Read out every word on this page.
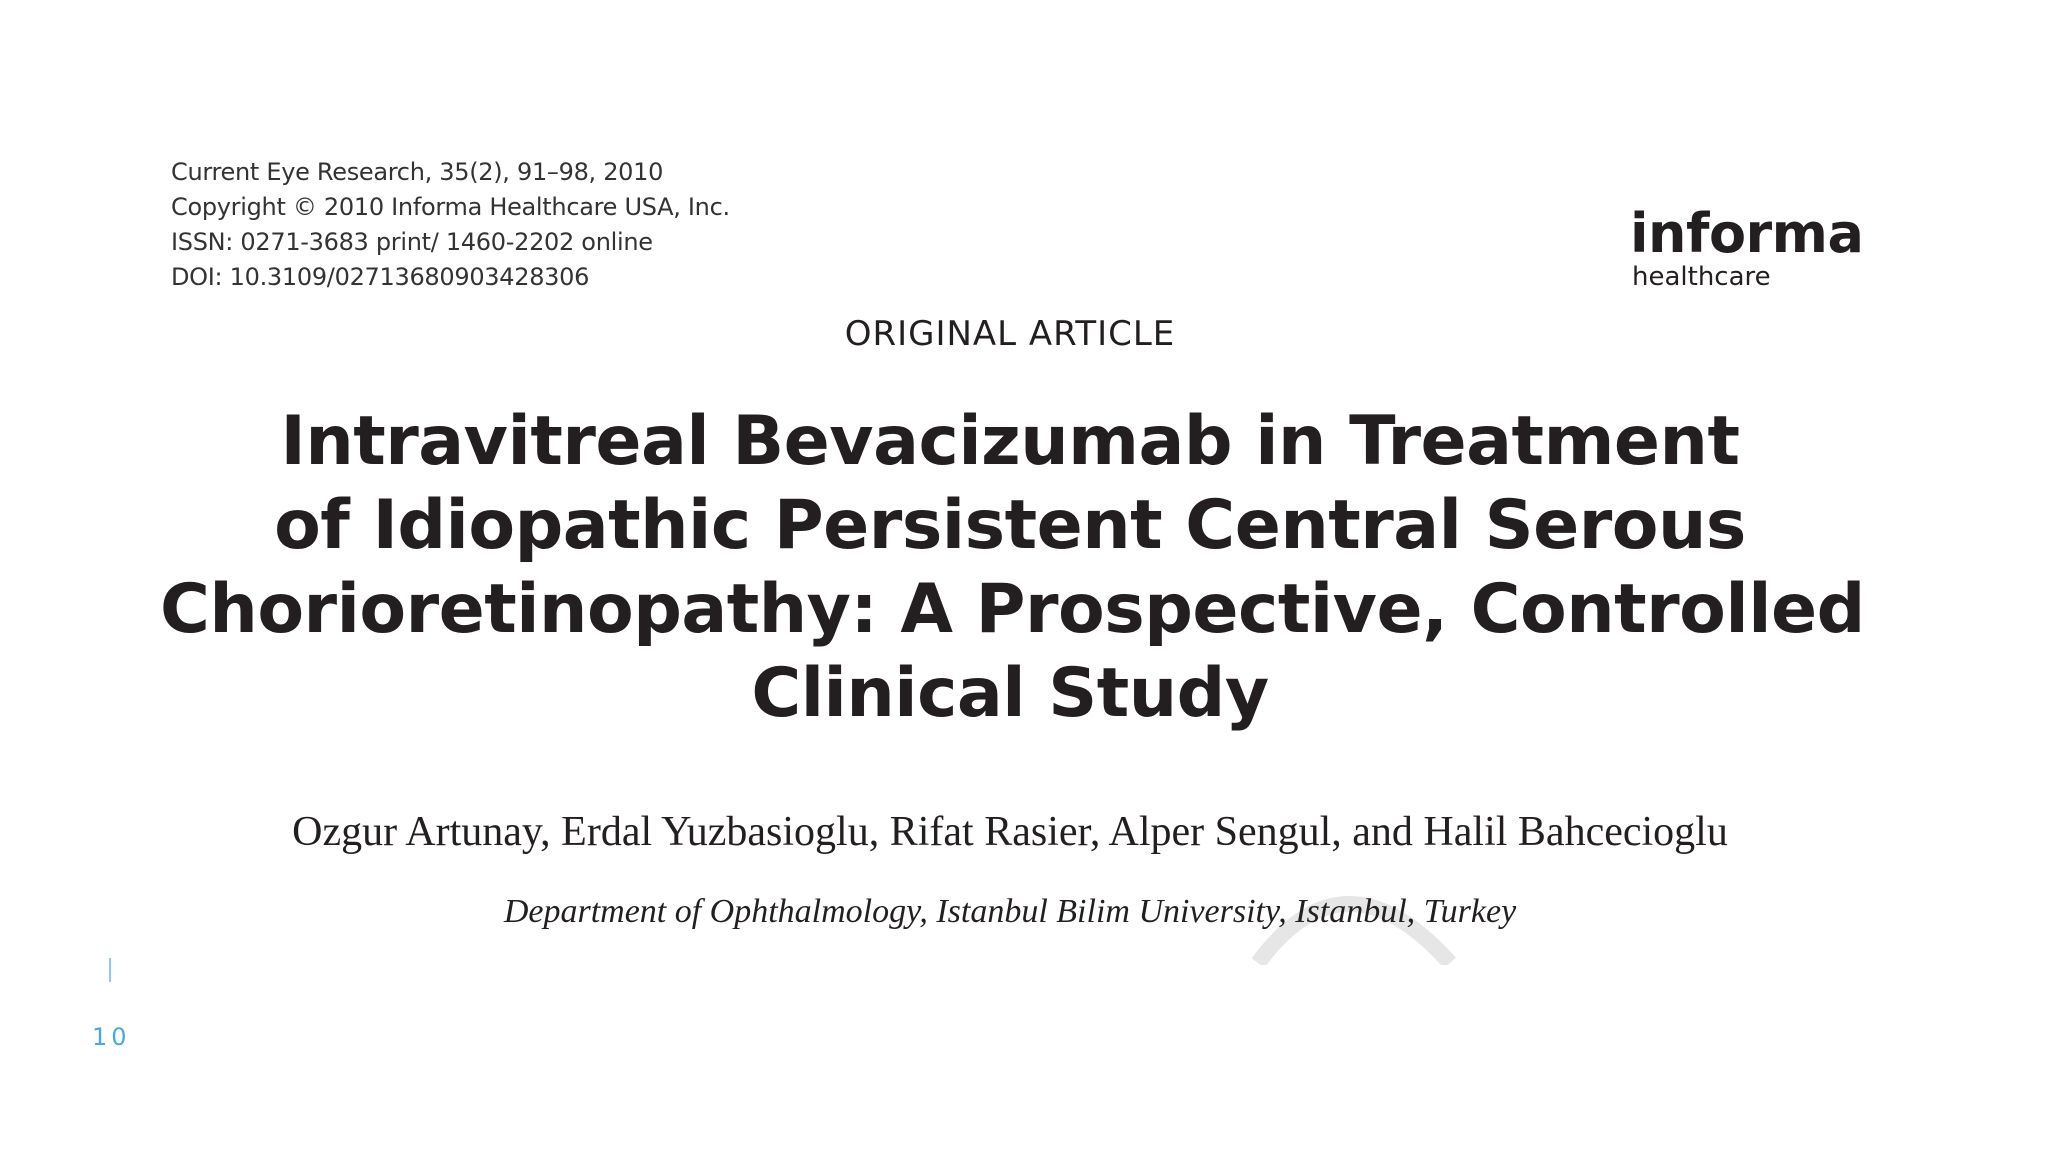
Current Eye Research, 35(2), 91–98, 2010
Copyright © 2010 Informa Healthcare USA, Inc.
ISSN: 0271-3683 print/ 1460-2202 online
DOI: 10.3109/02713680903428306
informa
healthcare
ORIGINAL ARTICLE
Intravitreal Bevacizumab in Treatment
of Idiopathic Persistent Central Serous
Chorioretinopathy: A Prospective, Controlled
Clinical Study
Ozgur Artunay, Erdal Yuzbasioglu, Rifat Rasier, Alper Sengul, and Halil Bahcecioglu
Department of Ophthalmology, Istanbul Bilim University, Istanbul, Turkey
10
